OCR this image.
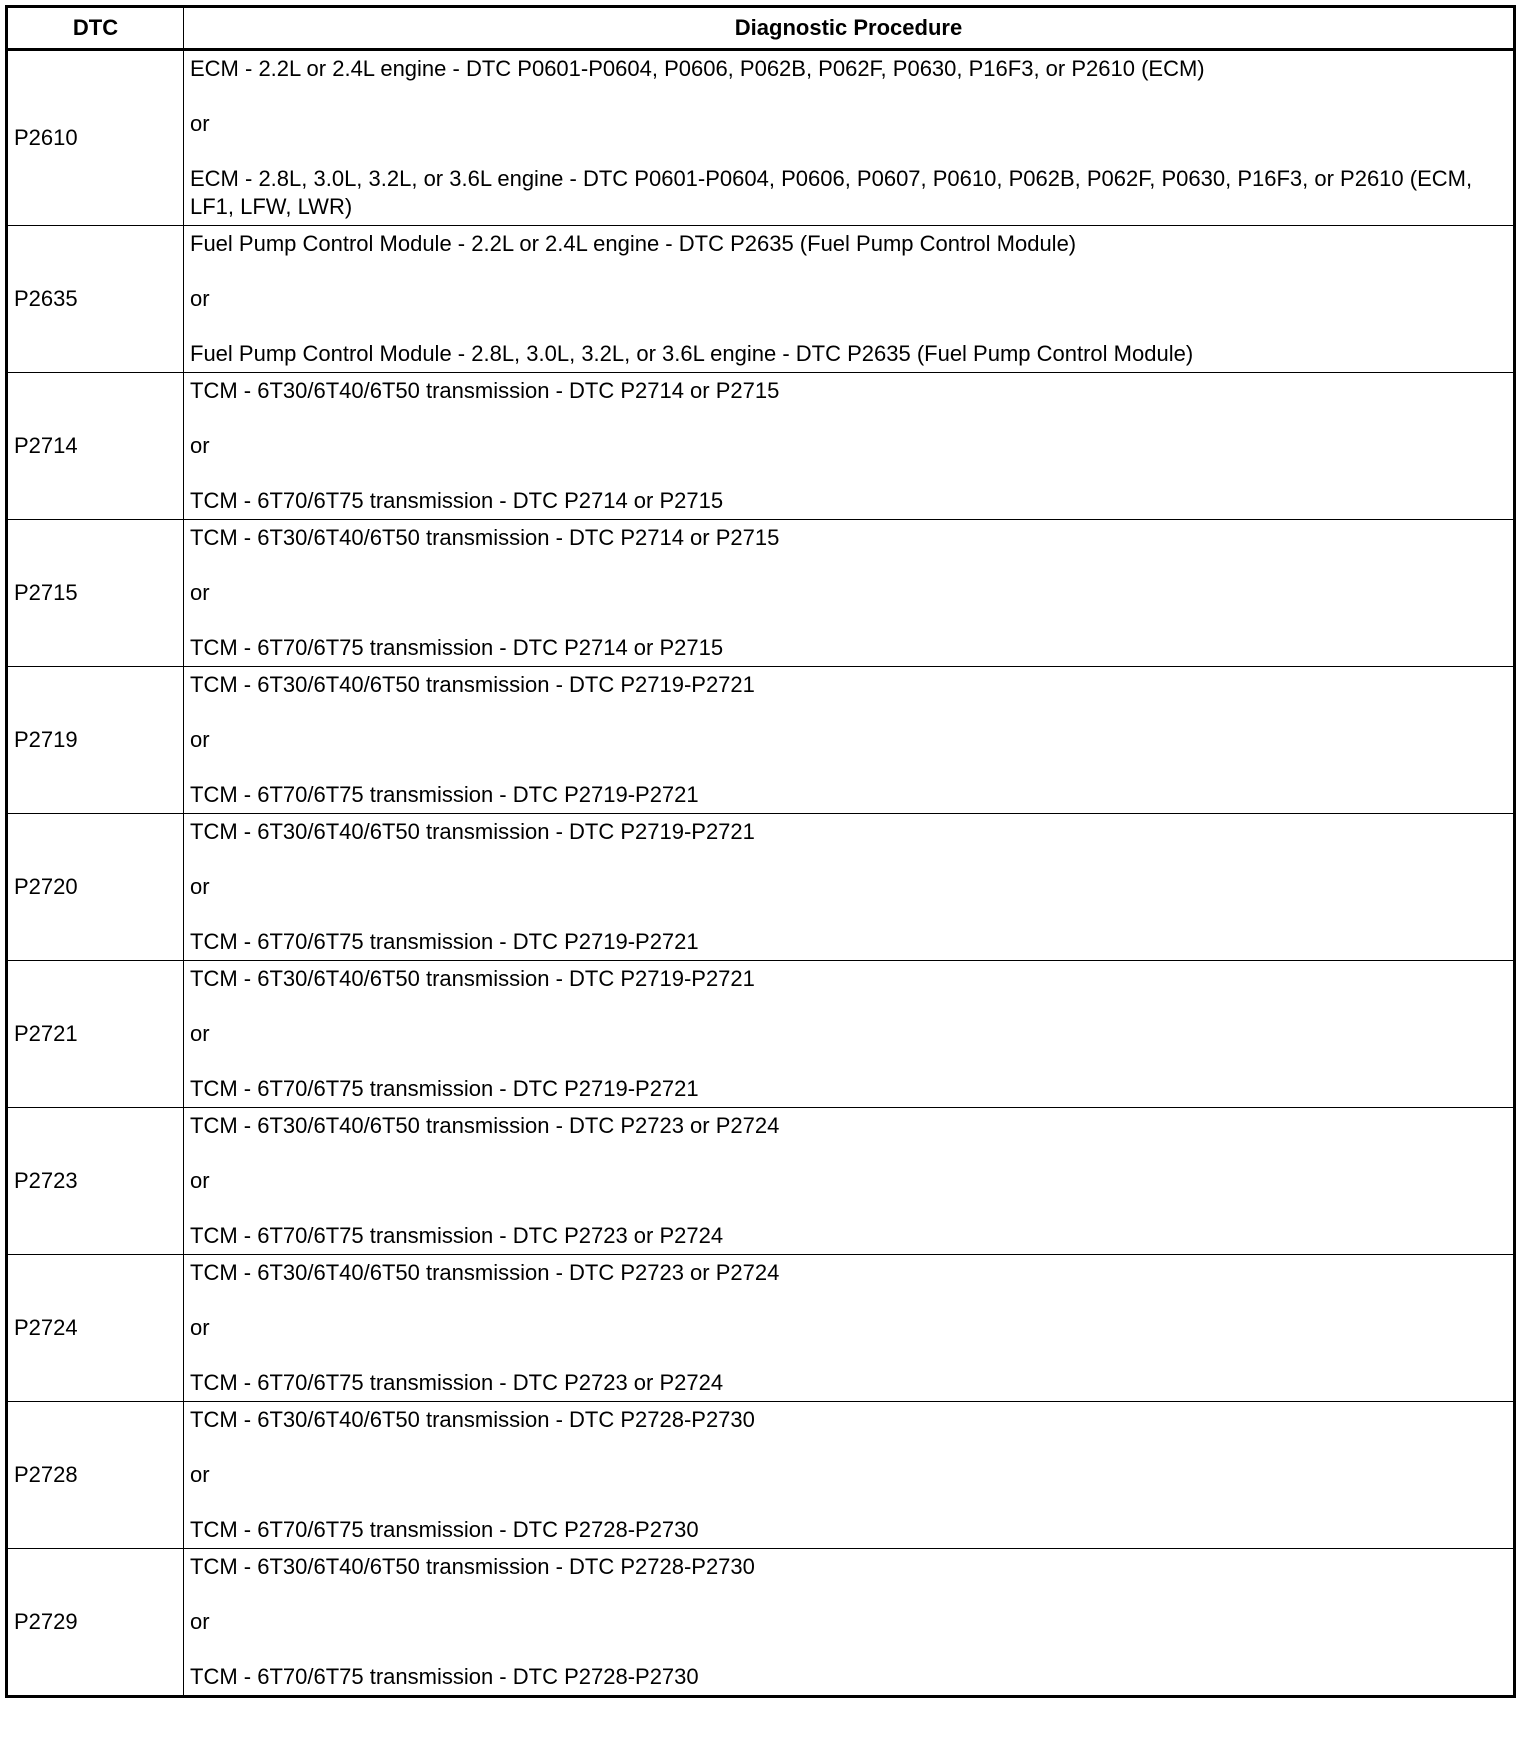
DTC	Diagnostic Procedure
P2610	ECM - 2.2L or 2.4L engine - DTC P0601-P0604, P0606, P062B, P062F, P0630, P16F3, or P2610 (ECM)

or

ECM - 2.8L, 3.0L, 3.2L, or 3.6L engine - DTC P0601-P0604, P0606, P0607, P0610, P062B, P062F, P0630, P16F3, or P2610 (ECM, LF1, LFW, LWR)

P2635	Fuel Pump Control Module - 2.2L or 2.4L engine - DTC P2635 (Fuel Pump Control Module)

or

Fuel Pump Control Module - 2.8L, 3.0L, 3.2L, or 3.6L engine - DTC P2635 (Fuel Pump Control Module)

P2714	TCM - 6T30/6T40/6T50 transmission - DTC P2714 or P2715

or

TCM - 6T70/6T75 transmission - DTC P2714 or P2715

P2715	TCM - 6T30/6T40/6T50 transmission - DTC P2714 or P2715

or

TCM - 6T70/6T75 transmission - DTC P2714 or P2715

P2719	TCM - 6T30/6T40/6T50 transmission - DTC P2719-P2721

or

TCM - 6T70/6T75 transmission - DTC P2719-P2721

P2720	TCM - 6T30/6T40/6T50 transmission - DTC P2719-P2721

or

TCM - 6T70/6T75 transmission - DTC P2719-P2721

P2721	TCM - 6T30/6T40/6T50 transmission - DTC P2719-P2721

or

TCM - 6T70/6T75 transmission - DTC P2719-P2721

P2723	TCM - 6T30/6T40/6T50 transmission - DTC P2723 or P2724

or

TCM - 6T70/6T75 transmission - DTC P2723 or P2724

P2724	TCM - 6T30/6T40/6T50 transmission - DTC P2723 or P2724

or

TCM - 6T70/6T75 transmission - DTC P2723 or P2724

P2728	TCM - 6T30/6T40/6T50 transmission - DTC P2728-P2730

or

TCM - 6T70/6T75 transmission - DTC P2728-P2730

P2729	TCM - 6T30/6T40/6T50 transmission - DTC P2728-P2730

or

TCM - 6T70/6T75 transmission - DTC P2728-P2730
